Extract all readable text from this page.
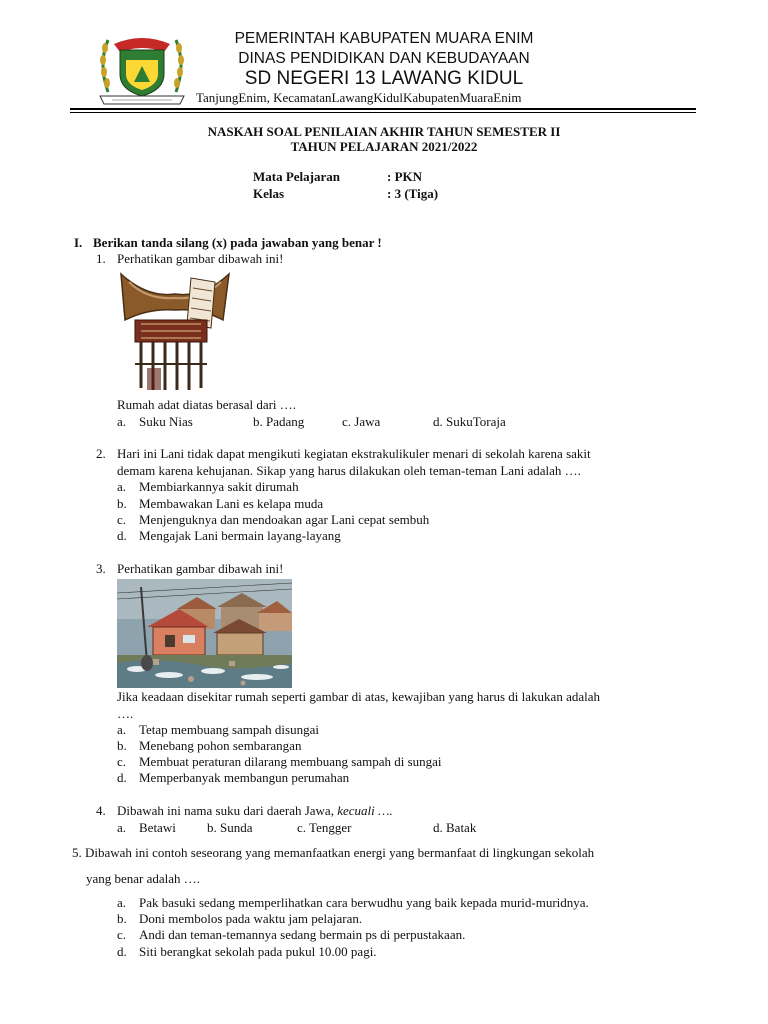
PEMERINTAH KABUPATEN MUARA ENIM
DINAS PENDIDIKAN DAN KEBUDAYAAN
SD NEGERI 13 LAWANG KIDUL
TanjungEnim, KecamatanLawangKidulKabupatenMuaraEnim
NASKAH SOAL PENILAIAN AKHIR TAHUN SEMESTER II
TAHUN PELAJARAN 2021/2022
Mata Pelajaran	: PKN
Kelas	: 3 (Tiga)
I. Berikan tanda silang (x) pada jawaban yang benar !
1. Perhatikan gambar dibawah ini!
Rumah adat diatas berasal dari ….
a. Suku Nias	b. Padang	c. Jawa	d. SukuToraja
2. Hari ini Lani tidak dapat mengikuti kegiatan ekstrakulikuler menari di sekolah karena sakit
demam karena kehujanan. Sikap yang harus dilakukan oleh teman-teman Lani adalah ….
a. Membiarkannya sakit dirumah
b. Membawakan Lani es kelapa muda
c. Menjenguknya dan mendoakan agar Lani cepat sembuh
d. Mengajak Lani bermain layang-layang
3. Perhatikan gambar dibawah ini!
Jika keadaan disekitar rumah seperti gambar di atas, kewajiban yang harus di lakukan adalah
….
a. Tetap membuang sampah disungai
b. Menebang pohon sembarangan
c. Membuat peraturan dilarang membuang sampah di sungai
d. Memperbanyak membangun perumahan
4. Dibawah ini nama suku dari daerah Jawa, kecuali ….
a. Betawi b. Sunda	c. Tengger	d. Batak
5. Dibawah ini contoh seseorang yang memanfaatkan energi yang bermanfaat di lingkungan sekolah
yang benar adalah ….
a. Pak basuki sedang memperlihatkan cara berwudhu yang baik kepada murid-muridnya.
b. Doni membolos pada waktu jam pelajaran.
c. Andi dan teman-temannya sedang bermain ps di perpustakaan.
d. Siti berangkat sekolah pada pukul 10.00 pagi.
